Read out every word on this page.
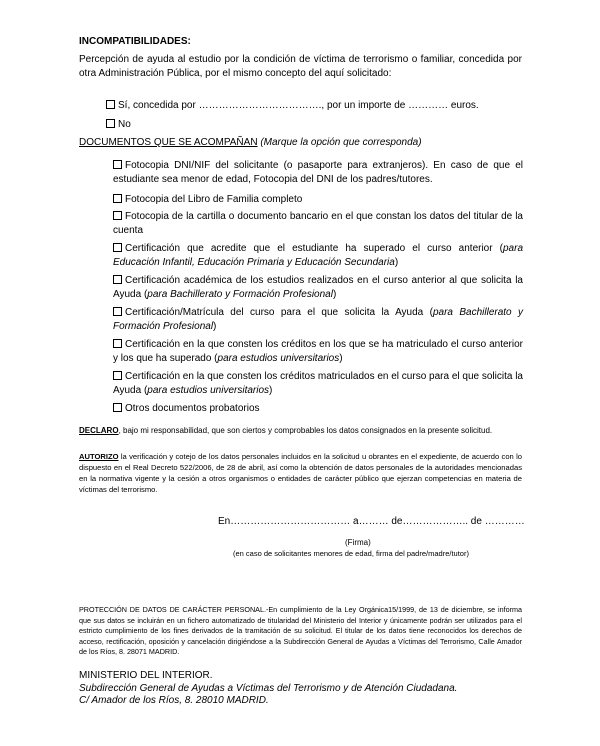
INCOMPATIBILIDADES:
Percepción de ayuda al estudio por la condición de víctima de terrorismo o familiar, concedida por otra Administración Pública, por el mismo concepto del aquí solicitado:
Sí, concedida por ………………………………., por un importe de ………… euros.
No
DOCUMENTOS QUE SE ACOMPAÑAN (Marque la opción que corresponda)
Fotocopia DNI/NIF del solicitante (o pasaporte para extranjeros). En caso de que el estudiante sea menor de edad, Fotocopia del DNI de los padres/tutores.
Fotocopia del Libro de Familia completo
Fotocopia de la cartilla o documento bancario en el que constan los datos del titular de la cuenta
Certificación que acredite que el estudiante ha superado el curso anterior (para Educación Infantil, Educación Primaria y Educación Secundaria)
Certificación académica de los estudios realizados en el curso anterior al que solicita la Ayuda (para Bachillerato y Formación Profesional)
Certificación/Matrícula del curso para el que solicita la Ayuda (para Bachillerato y Formación Profesional)
Certificación en la que consten los créditos en los que se ha matriculado el curso anterior y los que ha superado (para estudios universitarios)
Certificación en la que consten los créditos matriculados en el curso para el que solicita la Ayuda (para estudios universitarios)
Otros documentos probatorios
DECLARO, bajo mi responsabilidad, que son ciertos y comprobables los datos consignados en la presente solicitud.
AUTORIZO la verificación y cotejo de los datos personales incluidos en la solicitud u obrantes en el expediente, de acuerdo con lo dispuesto en el Real Decreto 522/2006, de 28 de abril, así como la obtención de datos personales de la autoridades mencionadas en la normativa vigente y la cesión a otros organismos o entidades de carácter público que ejerzan competencias en materia de víctimas del terrorismo.
En……………………………… a……… de……………….. de …………
(Firma)
(en caso de solicitantes menores de edad, firma del padre/madre/tutor)
PROTECCIÓN DE DATOS DE CARÁCTER PERSONAL.-En cumplimiento de la Ley Orgánica15/1999, de 13 de diciembre, se informa que sus datos se incluirán en un fichero automatizado de titularidad del Ministerio del Interior y únicamente podrán ser utilizados para el estricto cumplimiento de los fines derivados de la tramitación de su solicitud. El titular de los datos tiene reconocidos los derechos de acceso, rectificación, oposición y cancelación dirigiéndose a la Subdirección General de Ayudas a Víctimas del Terrorismo, Calle Amador de los Ríos, 8. 28071 MADRID.
MINISTERIO DEL INTERIOR.
Subdirección General de Ayudas a Víctimas del Terrorismo y de Atención Ciudadana.
C/ Amador de los Ríos, 8. 28010 MADRID.
